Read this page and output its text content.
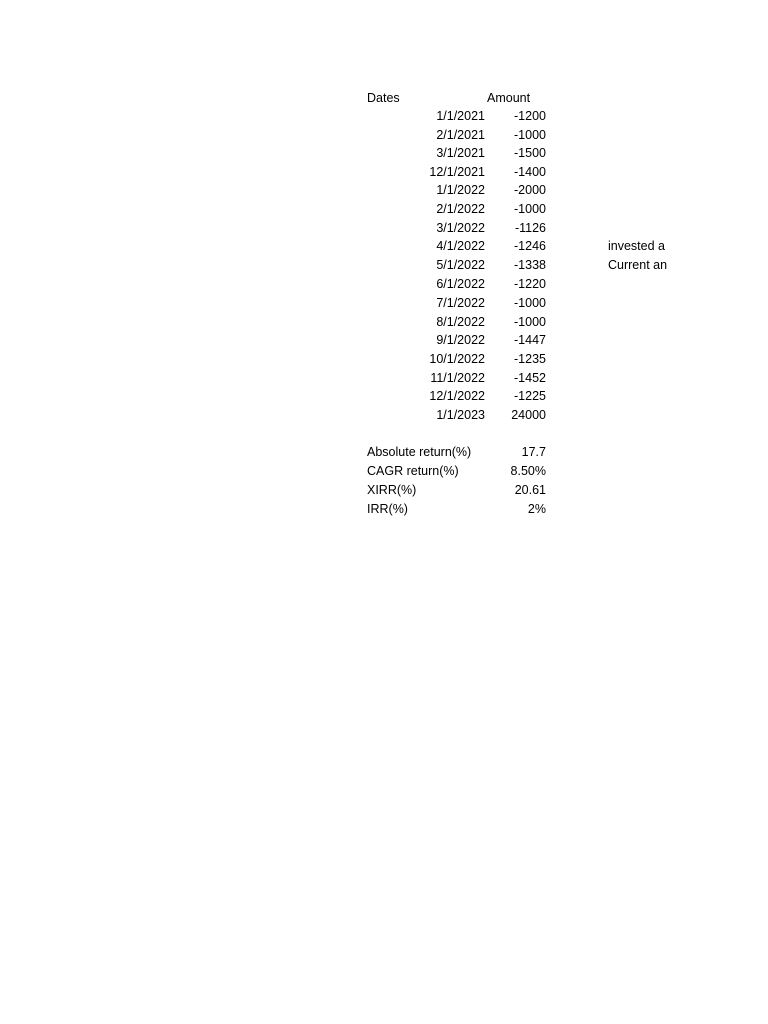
Dates	Amount
1/1/2021	-1200
2/1/2021	-1000
3/1/2021	-1500
12/1/2021	-1400
1/1/2022	-2000
2/1/2022	-1000
3/1/2022	-1126
4/1/2022	-1246	invested a
5/1/2022	-1338	Current an
6/1/2022	-1220
7/1/2022	-1000
8/1/2022	-1000
9/1/2022	-1447
10/1/2022	-1235
11/1/2022	-1452
12/1/2022	-1225
1/1/2023	24000
Absolute return(%)	17.7
CAGR return(%)	8.50%
XIRR(%)	20.61
IRR(%)	2%
